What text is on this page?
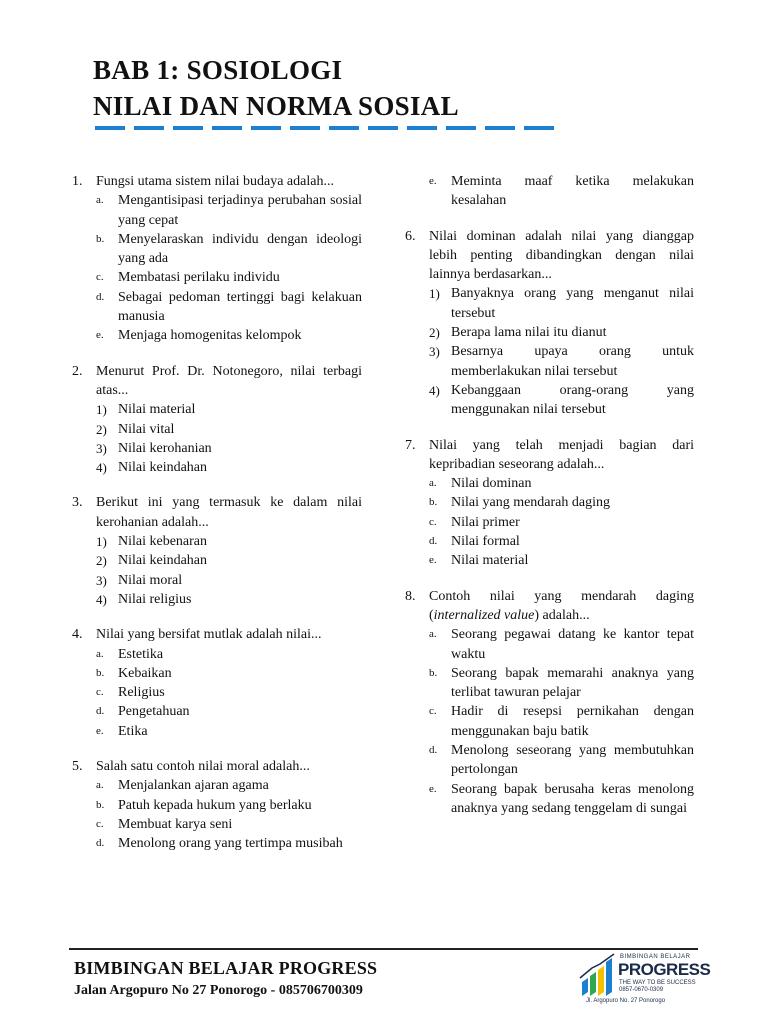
BAB 1: SOSIOLOGI
NILAI DAN NORMA SOSIAL
1. Fungsi utama sistem nilai budaya adalah...
a.	Mengantisipasi terjadinya perubahan sosial yang cepat
b. Menyelaraskan individu dengan ideologi yang ada
c.	Membatasi perilaku individu
d. Sebagai pedoman tertinggi bagi kelakuan manusia
e.	Menjaga homogenitas kelompok
2. Menurut Prof. Dr. Notonegoro, nilai terbagi atas...
1) Nilai material
2) Nilai vital
3) Nilai kerohanian
4) Nilai keindahan
3. Berikut ini yang termasuk ke dalam nilai kerohanian adalah...
1) Nilai kebenaran
2) Nilai keindahan
3) Nilai moral
4) Nilai religius
4. Nilai yang bersifat mutlak adalah nilai...
a.	Estetika
b. Kebaikan
c.	Religius
d. Pengetahuan
e.	Etika
5. Salah satu contoh nilai moral adalah...
a.	Menjalankan ajaran agama
b. Patuh kepada hukum yang berlaku
c.	Membuat karya seni
d. Menolong orang yang tertimpa musibah
e.	Meminta maaf ketika melakukan kesalahan
6. Nilai dominan adalah nilai yang dianggap lebih penting dibandingkan dengan nilai lainnya berdasarkan...
1) Banyaknya orang yang menganut nilai tersebut
2) Berapa lama nilai itu dianut
3) Besarnya upaya orang untuk memberlakukan nilai tersebut
4) Kebanggaan orang-orang yang menggunakan nilai tersebut
7. Nilai yang telah menjadi bagian dari kepribadian seseorang adalah...
a.	Nilai dominan
b. Nilai yang mendarah daging
c.	Nilai primer
d. Nilai formal
e.	Nilai material
8. Contoh nilai yang mendarah daging (internalized value) adalah...
a.	Seorang pegawai datang ke kantor tepat waktu
b. Seorang bapak memarahi anaknya yang terlibat tawuran pelajar
c.	Hadir di resepsi pernikahan dengan menggunakan baju batik
d. Menolong seseorang yang membutuhkan pertolongan
e.	Seorang bapak berusaha keras menolong anaknya yang sedang tenggelam di sungai
BIMBINGAN BELAJAR PROGRESS
Jalan Argopuro No 27 Ponorogo - 085706700309
BIMBINGAN BELAJAR
PROGRESS
THE WAY TO BE SUCCESS
0857-0670-0309
Jl. Argopuro No. 27 Ponorogo
